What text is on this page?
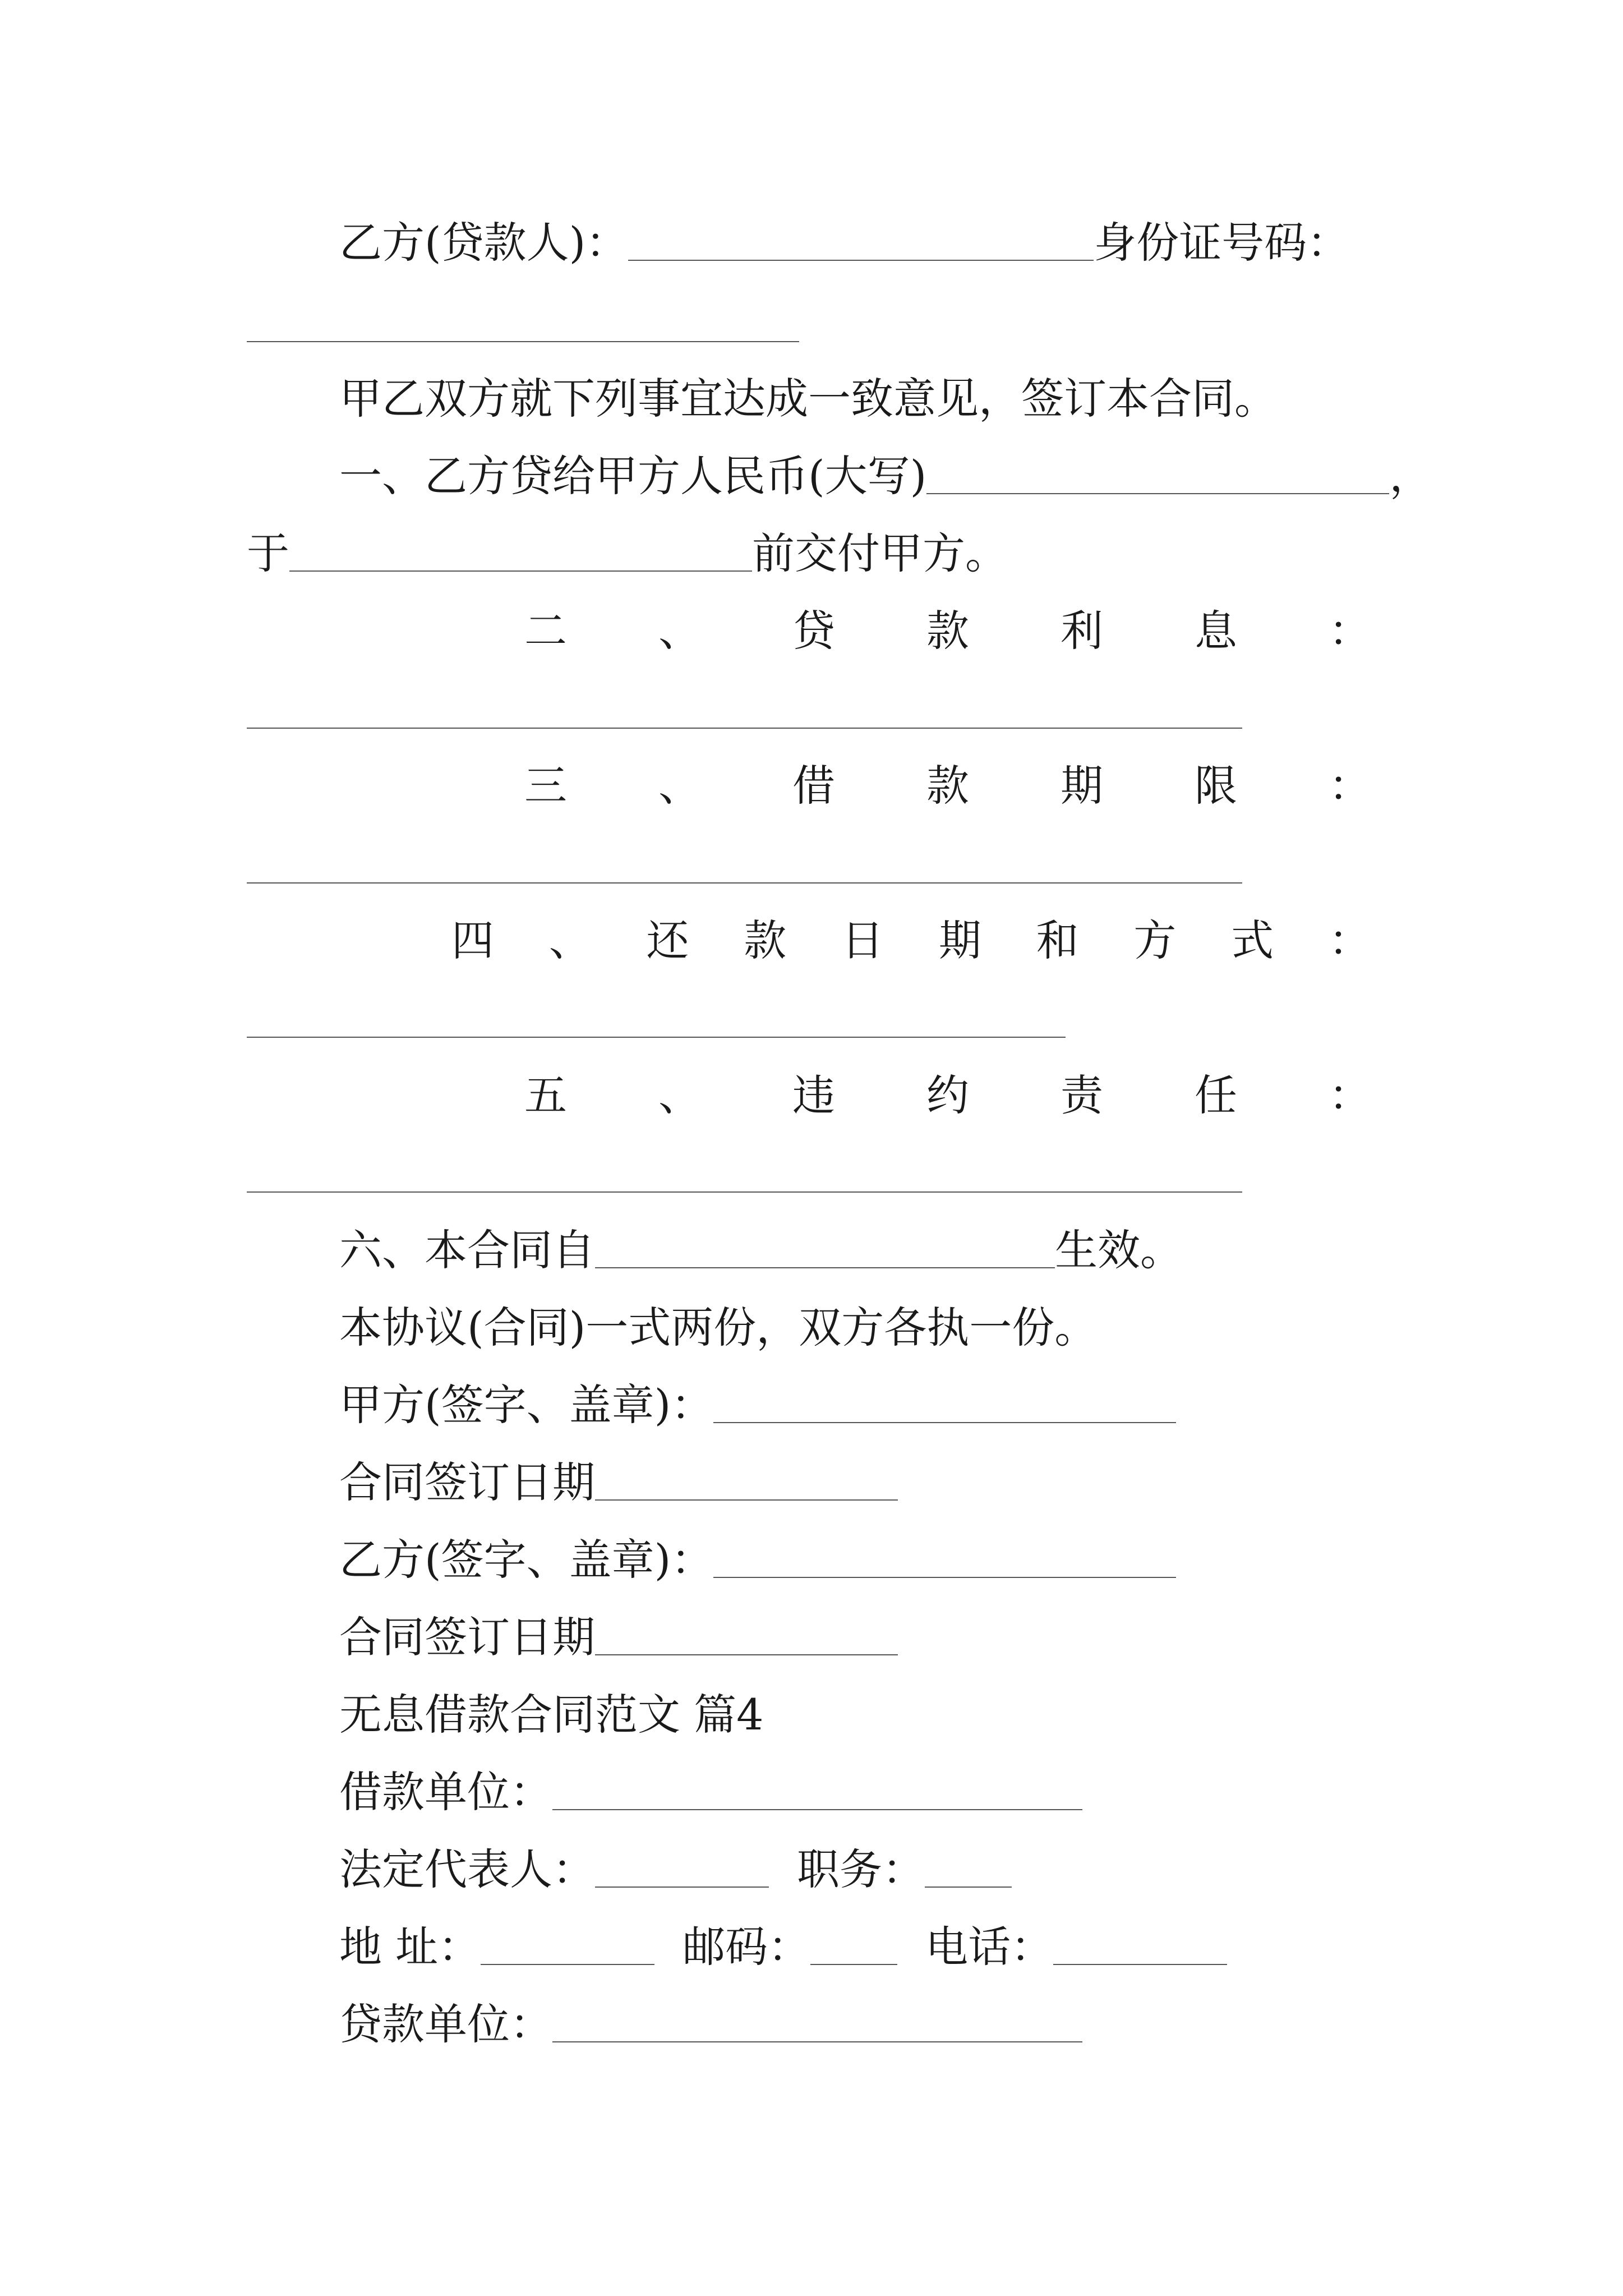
乙方(贷款人)：	身份证号码：
甲乙双方就下列事宜达成一致意见，签订本合同。
一、乙方贷给甲方人民币(大写)	，
于	前交付甲方。
二 、 贷 款 利 息 ：
三 、 借 款 期 限 ：
四 、 还 款 日 期 和 方 式 ：
五 、 违 约 责 任 ：
六、本合同自	生效。
本协议(合同)一式两份，双方各执一份。
甲方(签字、盖章)：
合同签订日期
乙方(签字、盖章)：
合同签订日期
无息借款合同范文 篇4
借款单位：
法定代表人：	职务：
地 址：	邮码：	电话：
贷款单位：
